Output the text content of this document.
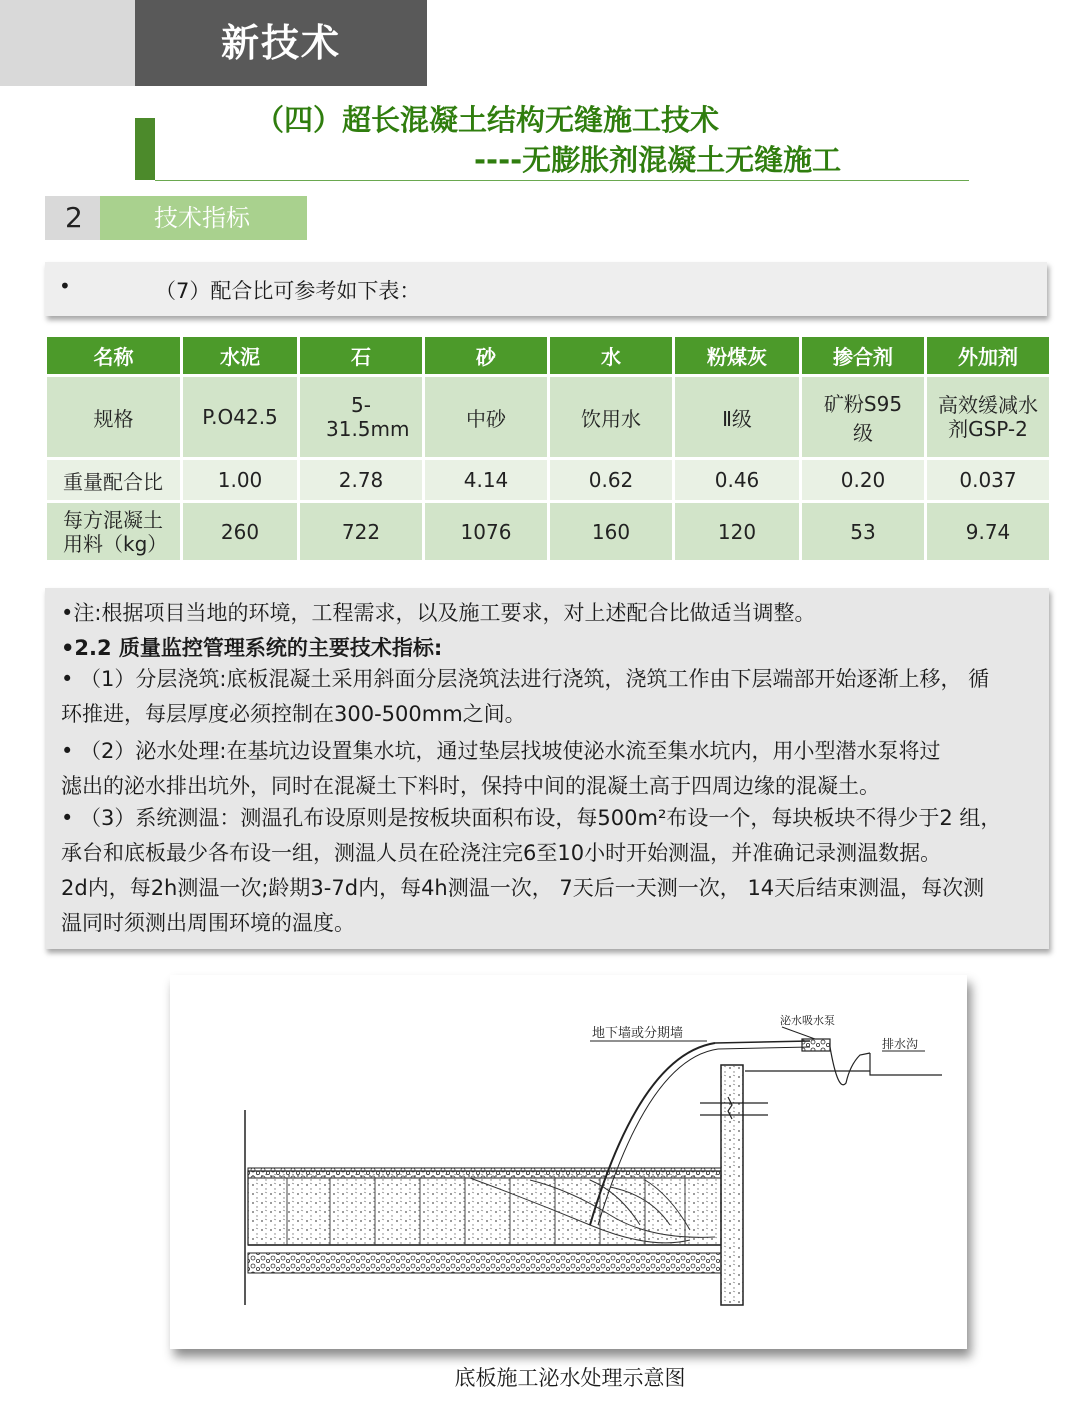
新技术
（四）超长混凝土结构无缝施工技术
----无膨胀剂混凝土无缝施工
2	技术指标
•	（7）配合比可参考如下表：
名称	水泥	石	砂	水	粉煤灰	掺合剂	外加剂
规格	P.O42.5	5-31.5mm	中砂	饮用水	Ⅱ级	矿粉S95级	高效缓减水剂GSP-2
重量配合比	1.00	2.78	4.14	0.62	0.46	0.20	0.037
每方混凝土用料（kg）	260	722	1076	160	120	53	9.74

•注:根据项目当地的环境，工程需求，以及施工要求，对上述配合比做适当调整。

•2.2 质量监控管理系统的主要技术指标:

• （1）分层浇筑:底板混凝土采用斜面分层浇筑法进行浇筑，浇筑工作由下层端部开始逐渐上移， 循

环推进，每层厚度必须控制在300-500mm之间。

• （2）泌水处理:在基坑边设置集水坑，通过垫层找坡使泌水流至集水坑内，用小型潜水泵将过

滤出的泌水排出坑外，同时在混凝土下料时，保持中间的混凝土高于四周边缘的混凝土。

• （3）系统测温：测温孔布设原则是按板块面积布设，每500m²布设一个，每块板块不得少于2 组，

承台和底板最少各布设一组，测温人员在砼浇注完6至10小时开始测温，并准确记录测温数据。

2d内，每2h测温一次;龄期3-7d内，每4h测温一次， 7天后一天测一次， 14天后结束测温，每次测

温同时须测出周围环境的温度。

地下墙或分期墙
泌水吸水泵
排水沟
底板施工泌水处理示意图
